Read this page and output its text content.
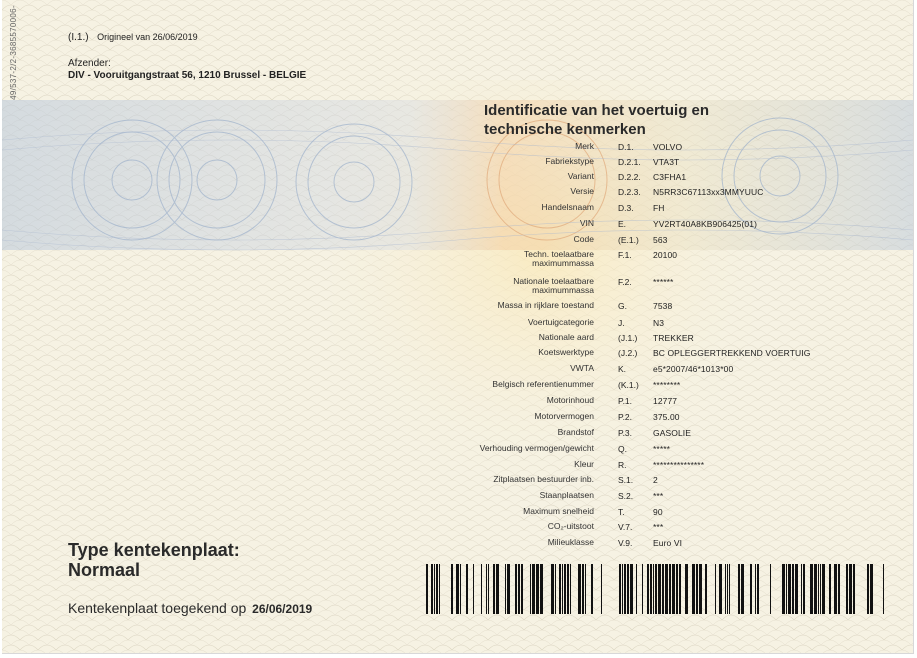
49/537-2/2-3685570006-	(I.1.) Origineel van 26/06/2019
Afzender:
DIV - Vooruitgangstraat 56, 1210 Brussel - BELGIE
Identificatie van het voertuig en
technische kenmerken
Merk	D.1. VOLVO
Fabriekstype	D.2.1. VTA3T
Variant	D.2.2. C3FHA1
Versie	D.2.3. N5RR3C67113xx3MMYUUC
Handelsnaam	D.3. FH
VIN	E.	YV2RT40A8KB906425(01)
Code	(E.1.) 563
Techn. toelaatbare maximummassa
F.1.	20100
Nationale toelaatbare maximummassa
F.2.	******
Massa in rijklare toestand	G.	7538
Voertuigcategorie	J.	N3
Nationale aard	(J.1.) TREKKER
Koetswerktype	(J.2.) BC OPLEGGERTREKKEND VOERTUIG
VWTA	K.	e5*2007/46*1013*00
Belgisch referentienummer	(K.1.) ********
Motorinhoud	P.1. 12777
Motorvermogen	P.2. 375.00
Brandstof	P.3. GASOLIE
Verhouding vermogen/gewicht	Q.	*****
Kleur	R.	***************
Zitplaatsen bestuurder inb.	S.1. 2
Staanplaatsen	S.2. ***
Maximum snelheid	T.	90
CO₂-uitstoot	V.7. ***
Milieuklasse	V.9. Euro VI
Type kentekenplaat:
Normaal
Kentekenplaat toegekend op 26/06/2019
